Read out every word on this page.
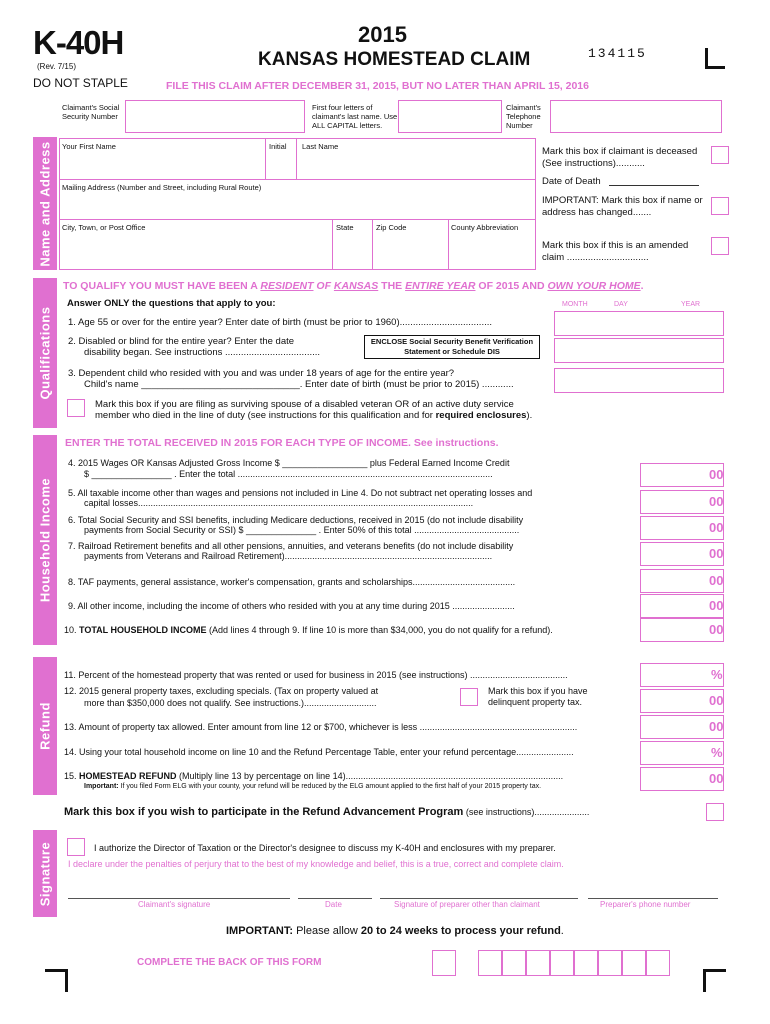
K-40H
(Rev. 7/15)
DO NOT STAPLE
2015
KANSAS HOMESTEAD CLAIM	134115
FILE THIS CLAIM AFTER DECEMBER 31, 2015, BUT NO LATER THAN APRIL 15, 2016
Claimant's Social Security Number
First four letters of claimant's last name. Use ALL CAPITAL letters.
Claimant's Telephone Number
Name and Address Your First Name	Initial Last Name
Mailing Address (Number and Street, including Rural Route)
City, Town, or Post Office	State	Zip Code	County Abbreviation
Mark this box if claimant is deceased (See instructions)...........
Date of Death
IMPORTANT: Mark this box if name or address has changed.......
Mark this box if this is an amended claim ...............................
Qualifications
TO QUALIFY YOU MUST HAVE BEEN A RESIDENT OF KANSAS THE ENTIRE YEAR OF 2015 AND OWN YOUR HOME.
Answer ONLY the questions that apply to you:	MONTH	DAY	YEAR
1. Age 55 or over for the entire year? Enter date of birth (must be prior to 1960)...................................
2. Disabled or blind for the entire year? Enter the date
disability began. See instructions ....................................
ENCLOSE Social Security Benefit Verification Statement or Schedule DIS
3. Dependent child who resided with you and was under 18 years of age for the entire year?
Child's name ______________________________. Enter date of birth (must be prior to 2015) ............
Mark this box if you are filing as surviving spouse of a disabled veteran OR of an active duty service
member who died in the line of duty (see instructions for this qualification and for required enclosures).
Household Income
ENTER THE TOTAL RECEIVED IN 2015 FOR EACH TYPE OF INCOME. See instructions.
4. 2015 Wages OR Kansas Adjusted Gross Income $ _________________ plus Federal Earned Income Credit
$ ________________ . Enter the total ......................................................................................................	00
5. All taxable income other than wages and pensions not included in Line 4. Do not subtract net operating losses and
capital losses......................................................................................................................................	00
6. Total Social Security and SSI benefits, including Medicare deductions, received in 2015 (do not include disability
payments from Social Security or SSI) $ ______________ . Enter 50% of this total ..........................................	00
7. Railroad Retirement benefits and all other pensions, annuities, and veterans benefits (do not include disability
payments from Veterans and Railroad Retirement)...................................................................................	00
8. TAF payments, general assistance, worker's compensation, grants and scholarships.........................................	00
9. All other income, including the income of others who resided with you at any time during 2015 .........................	00
10. TOTAL HOUSEHOLD INCOME (Add lines 4 through 9. If line 10 is more than $34,000, you do not qualify for a refund).	00
Refund
11. Percent of the homestead property that was rented or used for business in 2015 (see instructions) .......................................	%
12. 2015 general property taxes, excluding specials. (Tax on property valued at
more than $350,000 does not qualify. See instructions.).............................
Mark this box if you have delinquent property tax.	00
13. Amount of property tax allowed. Enter amount from line 12 or $700, whichever is less ...............................................................	00
14. Using your total household income on line 10 and the Refund Percentage Table, enter your refund percentage.......................	%
15. HOMESTEAD REFUND (Multiply line 13 by percentage on line 14).......................................................................................
Important: If you filed Form ELG with your county, your refund will be reduced by the ELG amount applied to the first half of your 2015 property tax.
00
Mark this box if you wish to participate in the Refund Advancement Program (see instructions)......................
Signature	I authorize the Director of Taxation or the Director's designee to discuss my K-40H and enclosures with my preparer.
I declare under the penalties of perjury that to the best of my knowledge and belief, this is a true, correct and complete claim.
Claimant's signature	Date	Signature of preparer other than claimant	Preparer's phone number
IMPORTANT: Please allow 20 to 24 weeks to process your refund.
COMPLETE THE BACK OF THIS FORM
